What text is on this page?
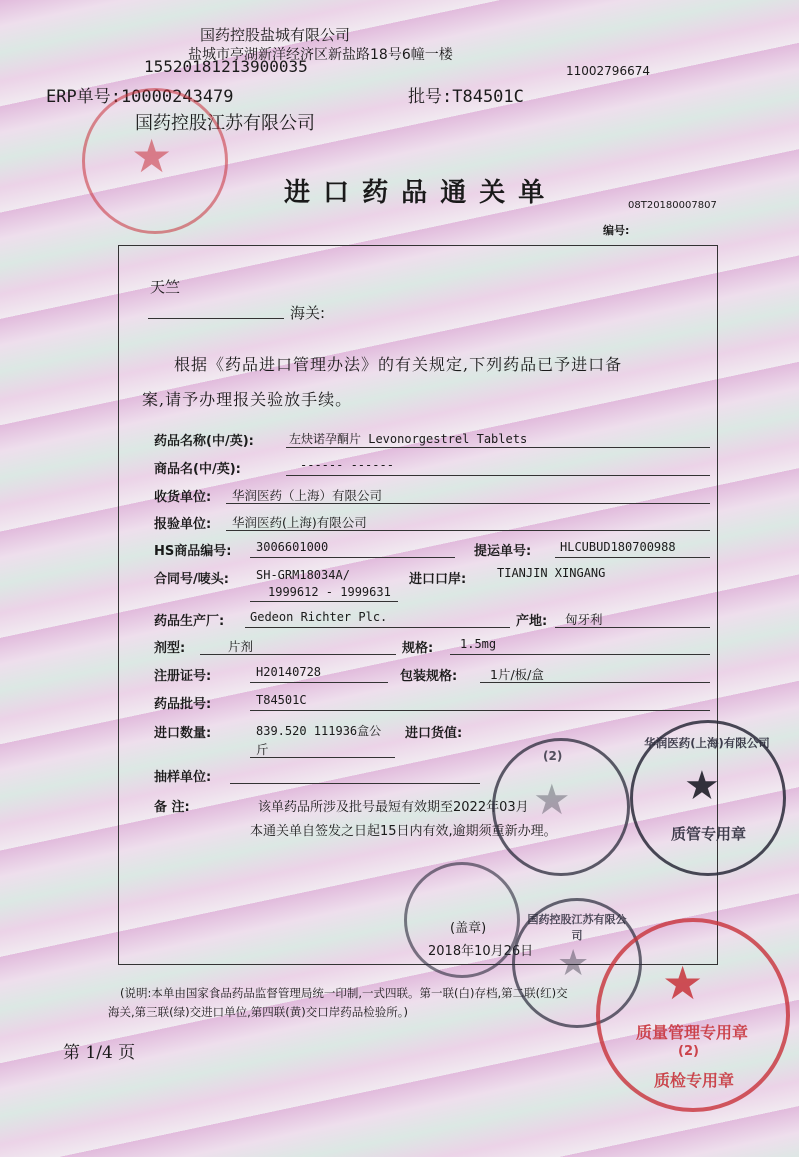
国药控股盐城有限公司
盐城市亭湖新洋经济区新盐路18号6幢一楼
15520181213900035	11002796674
ERP单号:10000243479	批号:T84501C
国药控股江苏有限公司
★
进 口 药 品 通 关 单	08T20180007807
编号:
天竺
海关:
根据《药品进口管理办法》的有关规定,下列药品已予进口备
案,请予办理报关验放手续。
药品名称(中/英):	左炔诺孕酮片 Levonorgestrel Tablets
商品名(中/英):	------ ------
收货单位: 华润医药（上海）有限公司
报验单位: 华润医药(上海)有限公司
HS商品编号: 3006601000	提运单号: HLCUBUD180700988
合同号/唛头: SH-GRM18034A/
1999612 - 1999631
进口口岸:	TIANJIN XINGANG
药品生产厂: Gedeon Richter Plc.	产地: 匈牙利
剂型:	片剂	规格: 1.5mg
注册证号:	H20140728	包装规格:	1片/板/盒
药品批号:	T84501C
进口数量:	839.520 111936盒公
斤
进口货值:
抽样单位:
备 注:	该单药品所涉及批号最短有效期至2022年03月
本通关单自签发之日起15日内有效,逾期须重新办理。
(盖章)
2018年10月26日
(说明:本单由国家食品药品监督管理局统一印制,一式四联。第一联(白)存档,第二联(红)交
海关,第三联(绿)交进口单位,第四联(黄)交口岸药品检验所。)
第 1/4 页
(2)
★
华润医药(上海)有限公司
★
质管专用章
国药控股江苏有限公司
★ ★
质量管理专用章
(2)
质检专用章
